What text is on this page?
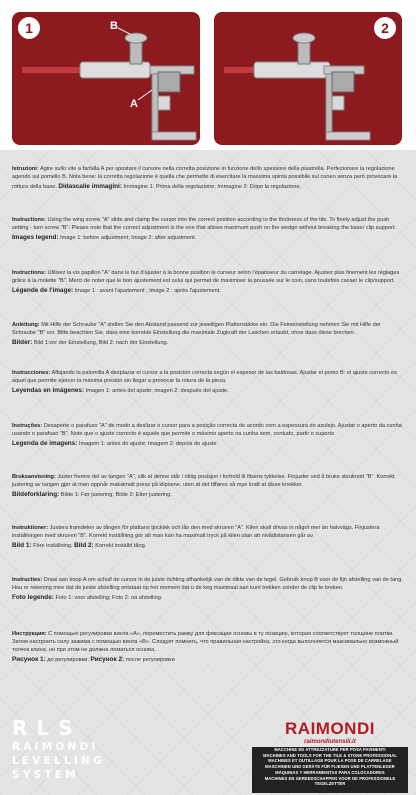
1	B
A
2

Istruzioni: Agire sullo vite a farfalla A per spostare il cursore nella corretta posizione in funzione dello spessore della piastrella. Perfezionare la regolazione agendo sul pomello B. Nota bene: la corretta regolazione è quella che permette di esercitare la massima spinta possibile sul cuneo senza però provocare la rottura della base. Didascalie immagini: Immagine 1: Prima della regolazione; Immagine 2: Dopo la regolazione.

Instructions: Using the wing screw "A" slide and clamp the cursor into the correct position according to the thickness of the tile. To finely adjust the push setting - turn screw "B". Please note that the correct adjustment is the one that allows maximum push on the wedge without breaking the base/ clip support.

Images legend: Image 1: before adjustment; Image 2: after adjustment.

Instructions: Utilisez la vis papillon "A" dans le but d'ajuster à la bonne position le curseur selon l'épaisseur du carrelage. Ajustez plus finement les réglages grâce à la molette "B". Merci de noter que le bon ajustement est celui qui permet de maximiser la poussée sur le coin, sans toutefois casser le clip/support.

Légende de l'image: Image 1 : avant l'ajustement ; Image 2 : après l'ajustement.

Anleitung: Mit Hilfe der Schraube "A" stellen Sie den Abstand passend zur jeweiligen Plattenstärke ein. Die Feineinstellung nehmen Sie mit Hilfe der Schraube "B" vor. Bitte beachten Sie, dass eine korrekte Einstellung die maximale Zugkraft der Laschen erlaubt, ohne dass diese brechen.

Bilder: Bild 1:vor der Einstellung, Bild 2: nach der Einstellung.

Instrucciones: Aflojando la palomilla A desplazar el cursor a la posición correcta según el espesor de las baldosas. Ajustar el pomo B: el ajuste correcto es aquel que permite ejercer la máxima presión sin llegar a provocar la rotura de la pieza.

Leyendas en imágenes: Imagen 1: antes del ajuste; imagen 2: después del ajuste.

Instruções: Desaperte o parafuso "A" de modo a deslizar o cursor para a posição correcta de acordo com a espessura do azulejo. Ajustar o aperto da cunha usando o parafuso "B". Note que o ajuste correcto é aquele que permite o máximo aperto na cunha sem, contudo, partir o suporte.

Legenda de imagens: Imagem 1: antes do ajuste; Imagem 2: depois do ajuste

Bruksanvisning: Juster fremre del av tangen "A", slik at denne står i riktig posisjon i forhold til flisens tykkelse. Finjuster ved å bruke skruknott "B". Korrekt justering av tangen gjør at man oppnår maksimalt press på klipsene, uten at det tilføres så mye kraft at disse knekker.

Bildeforklaring: Bilde 1: Før justering; Bilde 2: Etter justering.

Instruktioner: Justera framdelen av tången för plattans tjocklek och lås den med skruven "A". Kilen skall drivas in något mer än halvvägs. Finjustera inställningen med skruven "B". Korrekt inställning gör att man kan ha maximalt tryck på kilen utan att nivådistansen går av.

Bild 1: Före inställning. Bild 2: Korrekt inställd tång.

Instructies: Draai aan knop A om schuif de cursor in de juiste richting afhankelijk van de dikte van de tegel. Gebruik knop B voor de fijn afstelling van de tang. Hou er rekening mee dat de juiste afstelling ontstaat op het moment dat u de keg maximaal aan kunt trekken zonder de clip te breken.

Foto legende: Foto 1: voor afstelling; Foto 2: na afstelling.

Инструкция: С помощью регулировки винта «А», переместить рамку для фиксации основы в ту позицию, которая соответствует толщине плитки. Затем настроить силу зажима с помощью винта «В». Следует помнить, что правильная настройка, это когда выполняется максимально возможный толчок клина, но при этом не должна ломаться основа.

Рисунок 1: до регулировки; Рисунок 2: после регулировки

RLS
RAIMONDI
LEVELLING
SYSTEM
RAIMONDI
raimondiutensili.it
MACCHINE ED ATTREZZATURE PER POSA PAVIMENTI
MACHINES AND TOOLS FOR THE TILE & STONE PROFESSIONAL
MACHINES ET OUTILLAGE POUR LA POSE DE CARRELAGE
MASCHINEN UND GERÄTE FÜR FLIESEN UND PLATTENLEGER
MÁQUINAS Y HERRAMIENTAS PARA COLOCADORES
MACHINES EN GEREEDSCHAPPEN VOOR DE PROFESSIONELE TEGELZETTER
